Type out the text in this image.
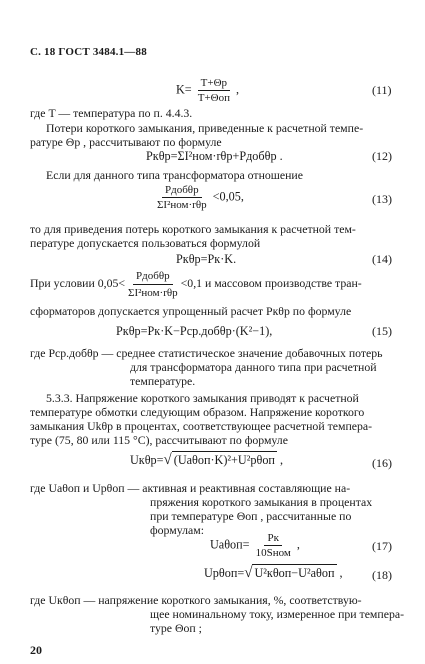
С. 18 ГОСТ 3484.1—88
$K= \frac{T+\Theta р}{\text{T+Θоп}}$ ,	(11)
где T — температура по п. 4.4.3.
Потери короткого замыкания, приведенные к расчетной темпе-
ратуре Θр , рассчитывают по формуле
Pкθр=ΣI²ном·rθр+Pдобθр .	(12)
Если для данного типа трансформатора отношение
$\frac{\text{Pдобθр}}{\text{ΣI²ном·rθр}} <0,05$,	(13)
то для приведения потерь короткого замыкания к расчетной тем-
пературе допускается пользоваться формулой
Pкθр=Pк·K.	(14)
При условии $0,05< \frac{\text{Pдобθр}}{\text{ΣI²ном·rθр}} <0,1$ и массовом производстве тран-
сформаторов допускается упрощенный расчет Pкθр по формуле
Pкθр=Pк·K−Pср.добθр·(K²−1),	(15)
где Pср.добθр — среднее статистическое значение добавочных потерь
для трансформатора данного типа при расчетной
температуре.
5.3.3. Напряжение короткого замыкания приводят к расчетной
температуре обмотки следующим образом. Напряжение короткого
замыкания Ukθр в процентах, соответствующее расчетной темпера-
туре (75, 80 или 115 °С), рассчитывают по формуле
Uкθр=√ (Uaθоп·K)²+U²рθоп ,	(16)
где Uaθоп и Uрθоп — активная и реактивная составляющие на-
пряжения короткого замыкания в процентах
при температуре Θоп , рассчитанные по
формулам:
$Ua\theta оп= \frac{Pк}{\text{10Sном}}$ ,	(17)
Uрθоп=√ U²кθоп−U²aθоп , (18)
где Uкθоп — напряжение короткого замыкания, %, соответствую-
щее номинальному току, измеренное при темпера-
туре Θоп ;
20
